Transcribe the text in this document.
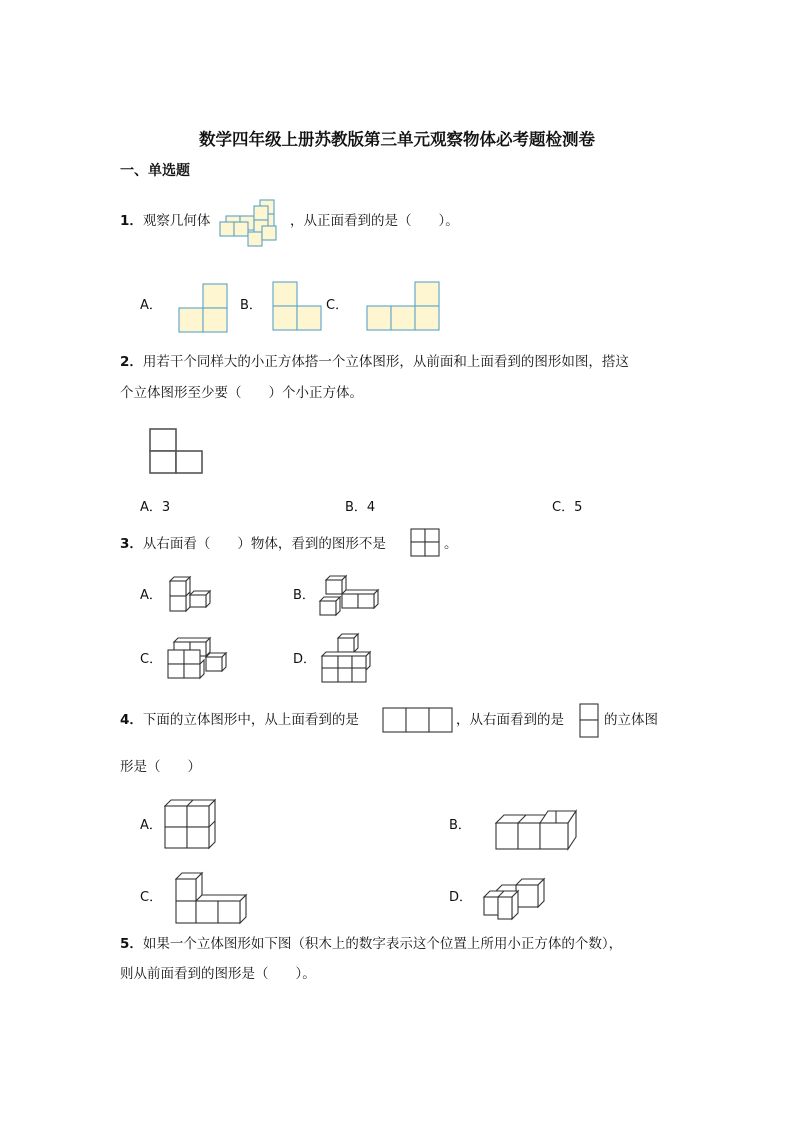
数学四年级上册苏教版第三单元观察物体必考题检测卷
一、单选题
1．观察几何体	，从正面看到的是（　　）。
A．	B．	C．
2．用若干个同样大的小正方体搭一个立体图形，从前面和上面看到的图形如图，搭这
个立体图形至少要（　　）个小正方体。
A．3	B．4	C．5
3．从右面看（　　）物体，看到的图形不是	。
A．	B．
C．	D．
4．下面的立体图形中，从上面看到的是	，从右面看到的是	的立体图
形是（　　）
A．	B．
C．	D．
5．如果一个立体图形如下图（积木上的数字表示这个位置上所用小正方体的个数），
则从前面看到的图形是（　　）。
